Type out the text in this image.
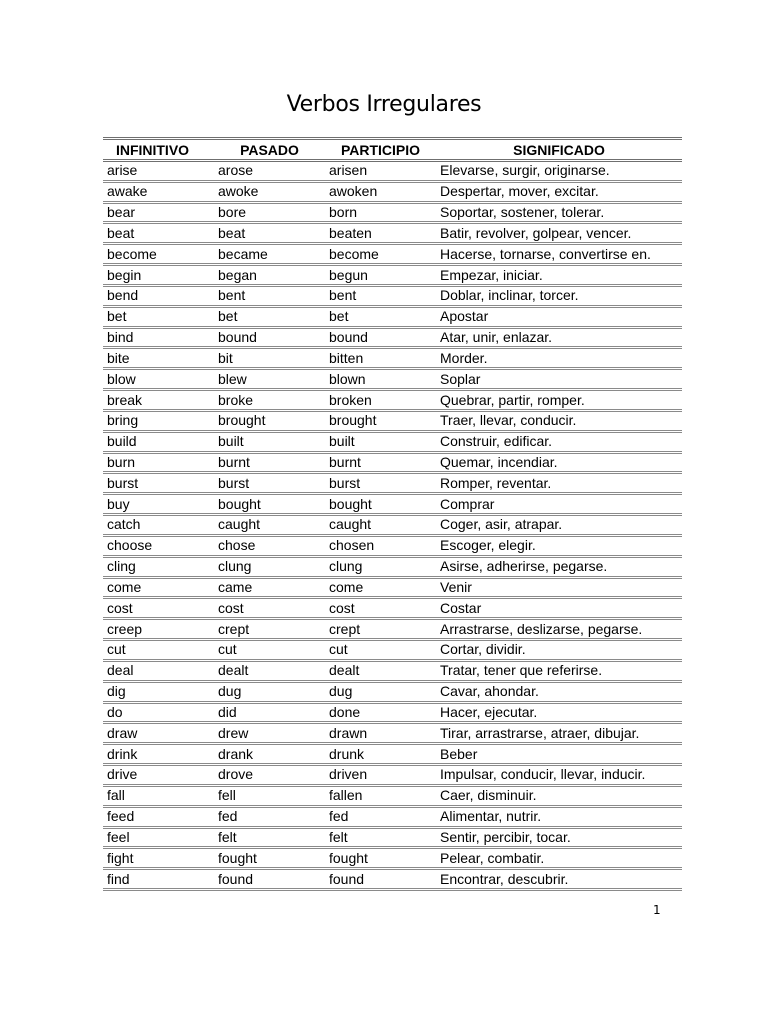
Verbos Irregulares
INFINITIVO	PASADO	PARTICIPIO	SIGNIFICADO
arise	arose	arisen	Elevarse, surgir, originarse.
awake	awoke	awoken	Despertar, mover, excitar.
bear	bore	born	Soportar, sostener, tolerar.
beat	beat	beaten	Batir, revolver, golpear, vencer.
become	became	become	Hacerse, tornarse, convertirse en.
begin	began	begun	Empezar, iniciar.
bend	bent	bent	Doblar, inclinar, torcer.
bet	bet	bet	Apostar
bind	bound	bound	Atar, unir, enlazar.
bite	bit	bitten	Morder.
blow	blew	blown	Soplar
break	broke	broken	Quebrar, partir, romper.
bring	brought	brought	Traer, llevar, conducir.
build	built	built	Construir, edificar.
burn	burnt	burnt	Quemar, incendiar.
burst	burst	burst	Romper, reventar.
buy	bought	bought	Comprar
catch	caught	caught	Coger, asir, atrapar.
choose	chose	chosen	Escoger, elegir.
cling	clung	clung	Asirse, adherirse, pegarse.
come	came	come	Venir
cost	cost	cost	Costar
creep	crept	crept	Arrastrarse, deslizarse, pegarse.
cut	cut	cut	Cortar, dividir.
deal	dealt	dealt	Tratar, tener que referirse.
dig	dug	dug	Cavar, ahondar.
do	did	done	Hacer, ejecutar.
draw	drew	drawn	Tirar, arrastrarse, atraer, dibujar.
drink	drank	drunk	Beber
drive	drove	driven	Impulsar, conducir, llevar, inducir.
fall	fell	fallen	Caer, disminuir.
feed	fed	fed	Alimentar, nutrir.
feel	felt	felt	Sentir, percibir, tocar.
fight	fought	fought	Pelear, combatir.
find	found	found	Encontrar, descubrir.

1
